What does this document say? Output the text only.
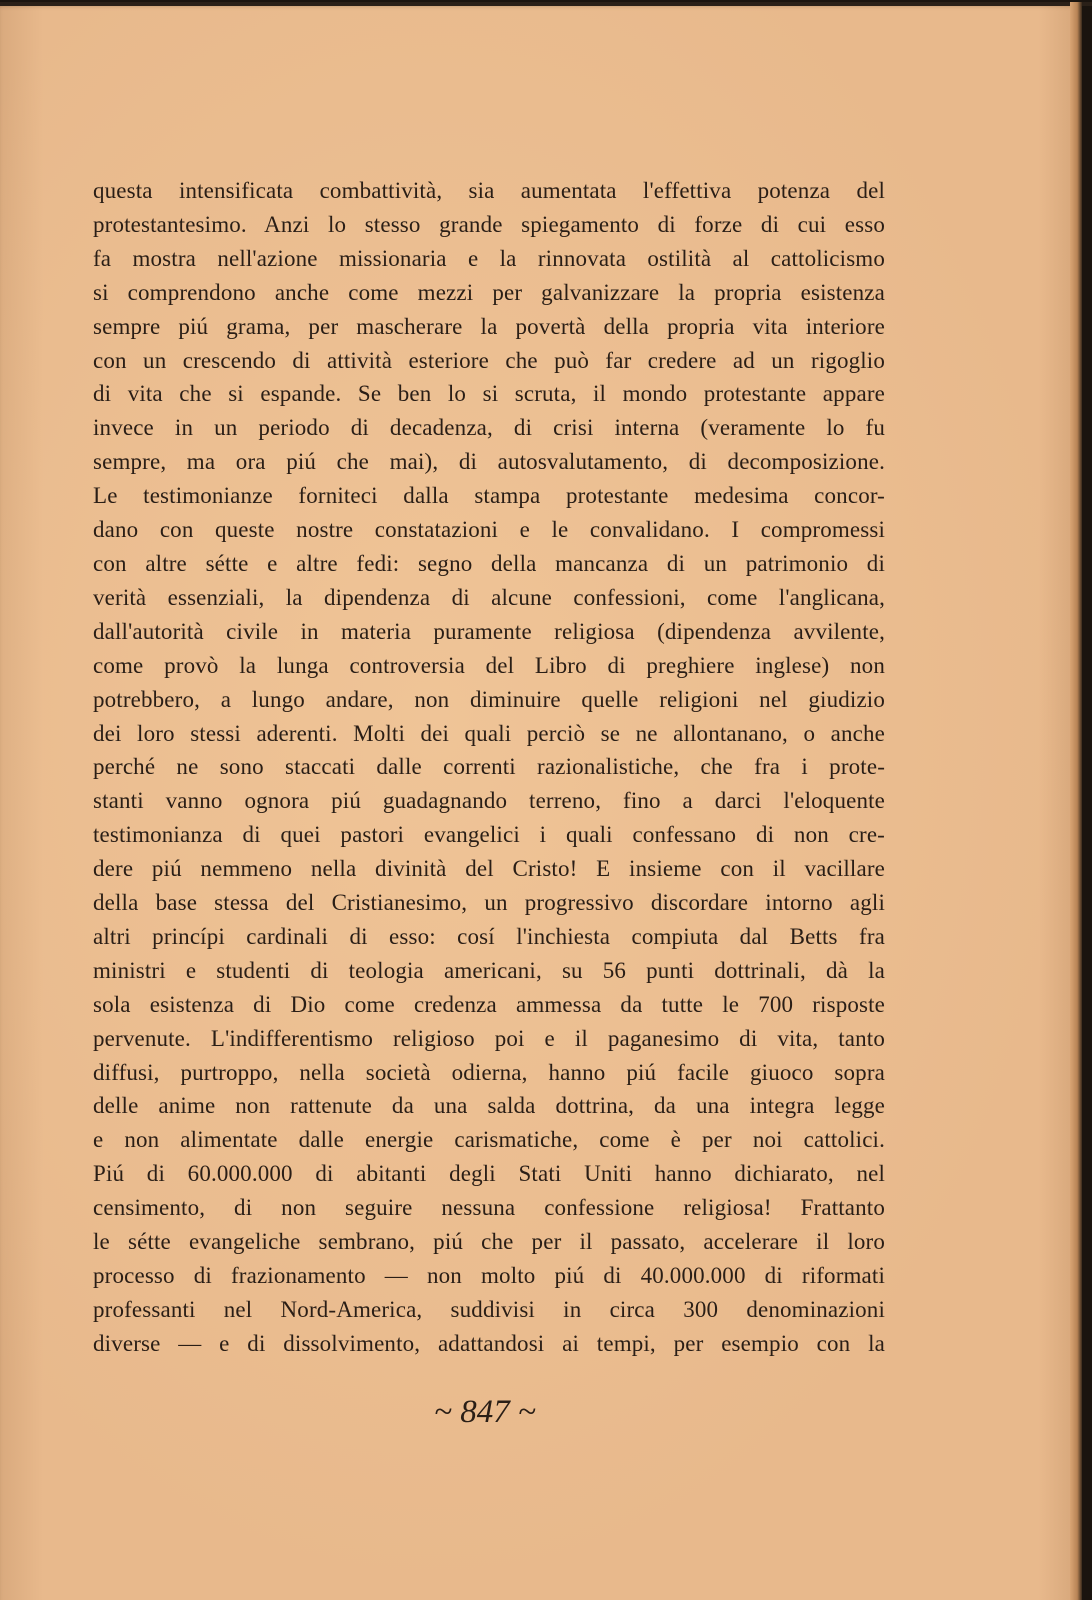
questa intensificata combattività, sia aumentata l'effettiva potenza del
protestantesimo. Anzi lo stesso grande spiegamento di forze di cui esso
fa mostra nell'azione missionaria e la rinnovata ostilità al cattolicismo
si comprendono anche come mezzi per galvanizzare la propria esistenza
sempre piú grama, per mascherare la povertà della propria vita interiore
con un crescendo di attività esteriore che può far credere ad un rigoglio
di vita che si espande. Se ben lo si scruta, il mondo protestante appare
invece in un periodo di decadenza, di crisi interna (veramente lo fu
sempre, ma ora piú che mai), di autosvalutamento, di decomposizione.
Le testimonianze forniteci dalla stampa protestante medesima concor-
dano con queste nostre constatazioni e le convalidano. I compromessi
con altre sétte e altre fedi: segno della mancanza di un patrimonio di
verità essenziali, la dipendenza di alcune confessioni, come l'anglicana,
dall'autorità civile in materia puramente religiosa (dipendenza avvilente,
come provò la lunga controversia del Libro di preghiere inglese) non
potrebbero, a lungo andare, non diminuire quelle religioni nel giudizio
dei loro stessi aderenti. Molti dei quali perciò se ne allontanano, o anche
perché ne sono staccati dalle correnti razionalistiche, che fra i prote-
stanti vanno ognora piú guadagnando terreno, fino a darci l'eloquente
testimonianza di quei pastori evangelici i quali confessano di non cre-
dere piú nemmeno nella divinità del Cristo! E insieme con il vacillare
della base stessa del Cristianesimo, un progressivo discordare intorno agli
altri princípi cardinali di esso: cosí l'inchiesta compiuta dal Betts fra
ministri e studenti di teologia americani, su 56 punti dottrinali, dà la
sola esistenza di Dio come credenza ammessa da tutte le 700 risposte
pervenute. L'indifferentismo religioso poi e il paganesimo di vita, tanto
diffusi, purtroppo, nella società odierna, hanno piú facile giuoco sopra
delle anime non rattenute da una salda dottrina, da una integra legge
e non alimentate dalle energie carismatiche, come è per noi cattolici.
Piú di 60.000.000 di abitanti degli Stati Uniti hanno dichiarato, nel
censimento, di non seguire nessuna confessione religiosa! Frattanto
le sétte evangeliche sembrano, piú che per il passato, accelerare il loro
processo di frazionamento — non molto piú di 40.000.000 di riformati
professanti nel Nord-America, suddivisi in circa 300 denominazioni
diverse — e di dissolvimento, adattandosi ai tempi, per esempio con la
~ 847 ~
